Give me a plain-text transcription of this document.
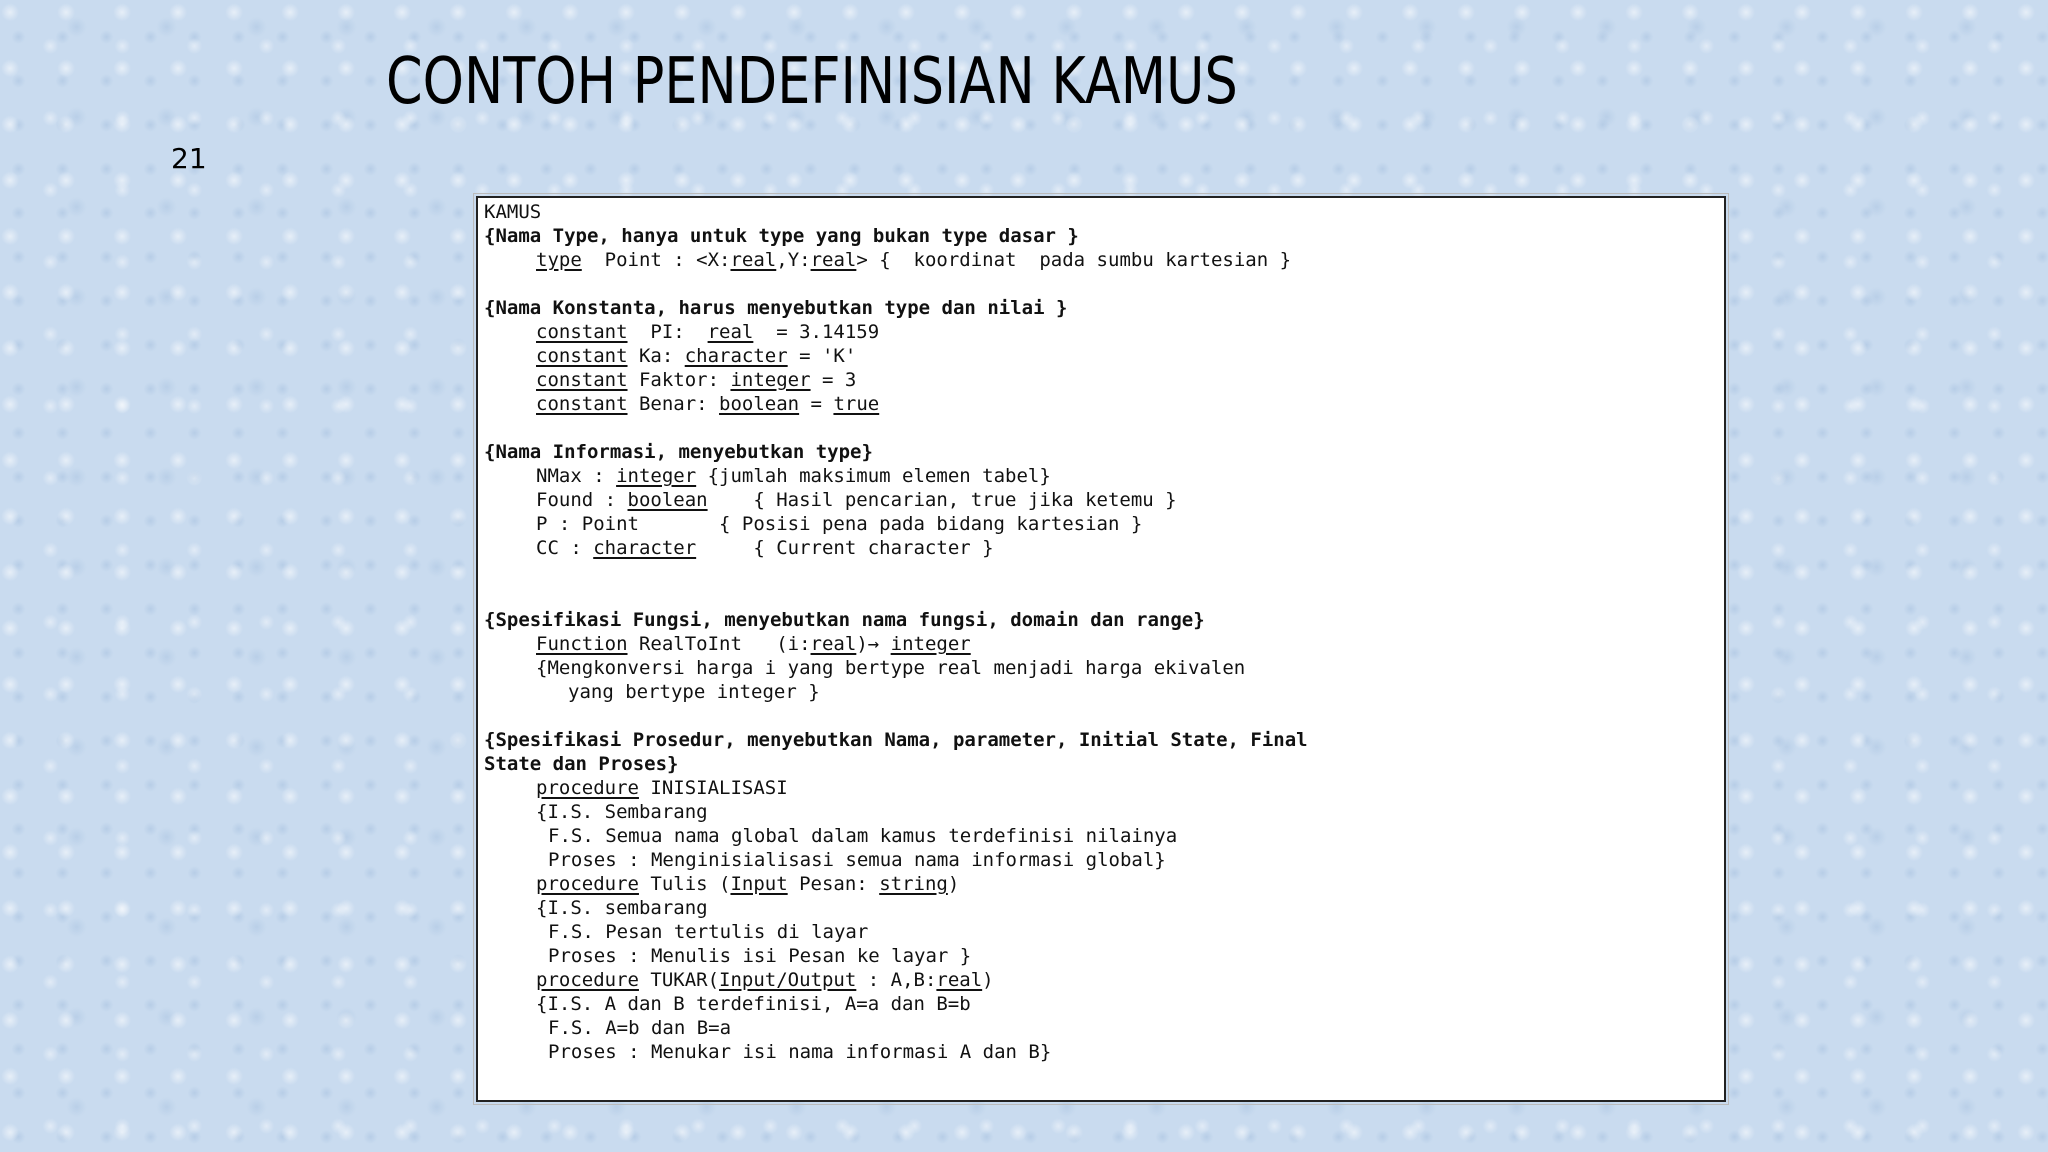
CONTOH PENDEFINISIAN KAMUS
21
KAMUS
{Nama Type, hanya untuk type yang bukan type dasar }
type  Point : <X:real,Y:real> {  koordinat  pada sumbu kartesian }
{Nama Konstanta, harus menyebutkan type dan nilai }
constant  PI:  real  = 3.14159
constant Ka: character = 'K'
constant Faktor: integer = 3
constant Benar: boolean = true
{Nama Informasi, menyebutkan type}
NMax : integer {jumlah maksimum elemen tabel}
Found : boolean    { Hasil pencarian, true jika ketemu }
P : Point       { Posisi pena pada bidang kartesian }
CC : character     { Current character }
{Spesifikasi Fungsi, menyebutkan nama fungsi, domain dan range}
Function RealToInt   (i:real)→ integer
{Mengkonversi harga i yang bertype real menjadi harga ekivalen
yang bertype integer }
{Spesifikasi Prosedur, menyebutkan Nama, parameter, Initial State, Final
State dan Proses}
procedure INISIALISASI
{I.S. Sembarang
F.S. Semua nama global dalam kamus terdefinisi nilainya
Proses : Menginisialisasi semua nama informasi global}
procedure Tulis (Input Pesan: string)
{I.S. sembarang
F.S. Pesan tertulis di layar
Proses : Menulis isi Pesan ke layar }
procedure TUKAR(Input/Output : A,B:real)
{I.S. A dan B terdefinisi, A=a dan B=b
F.S. A=b dan B=a
Proses : Menukar isi nama informasi A dan B}
